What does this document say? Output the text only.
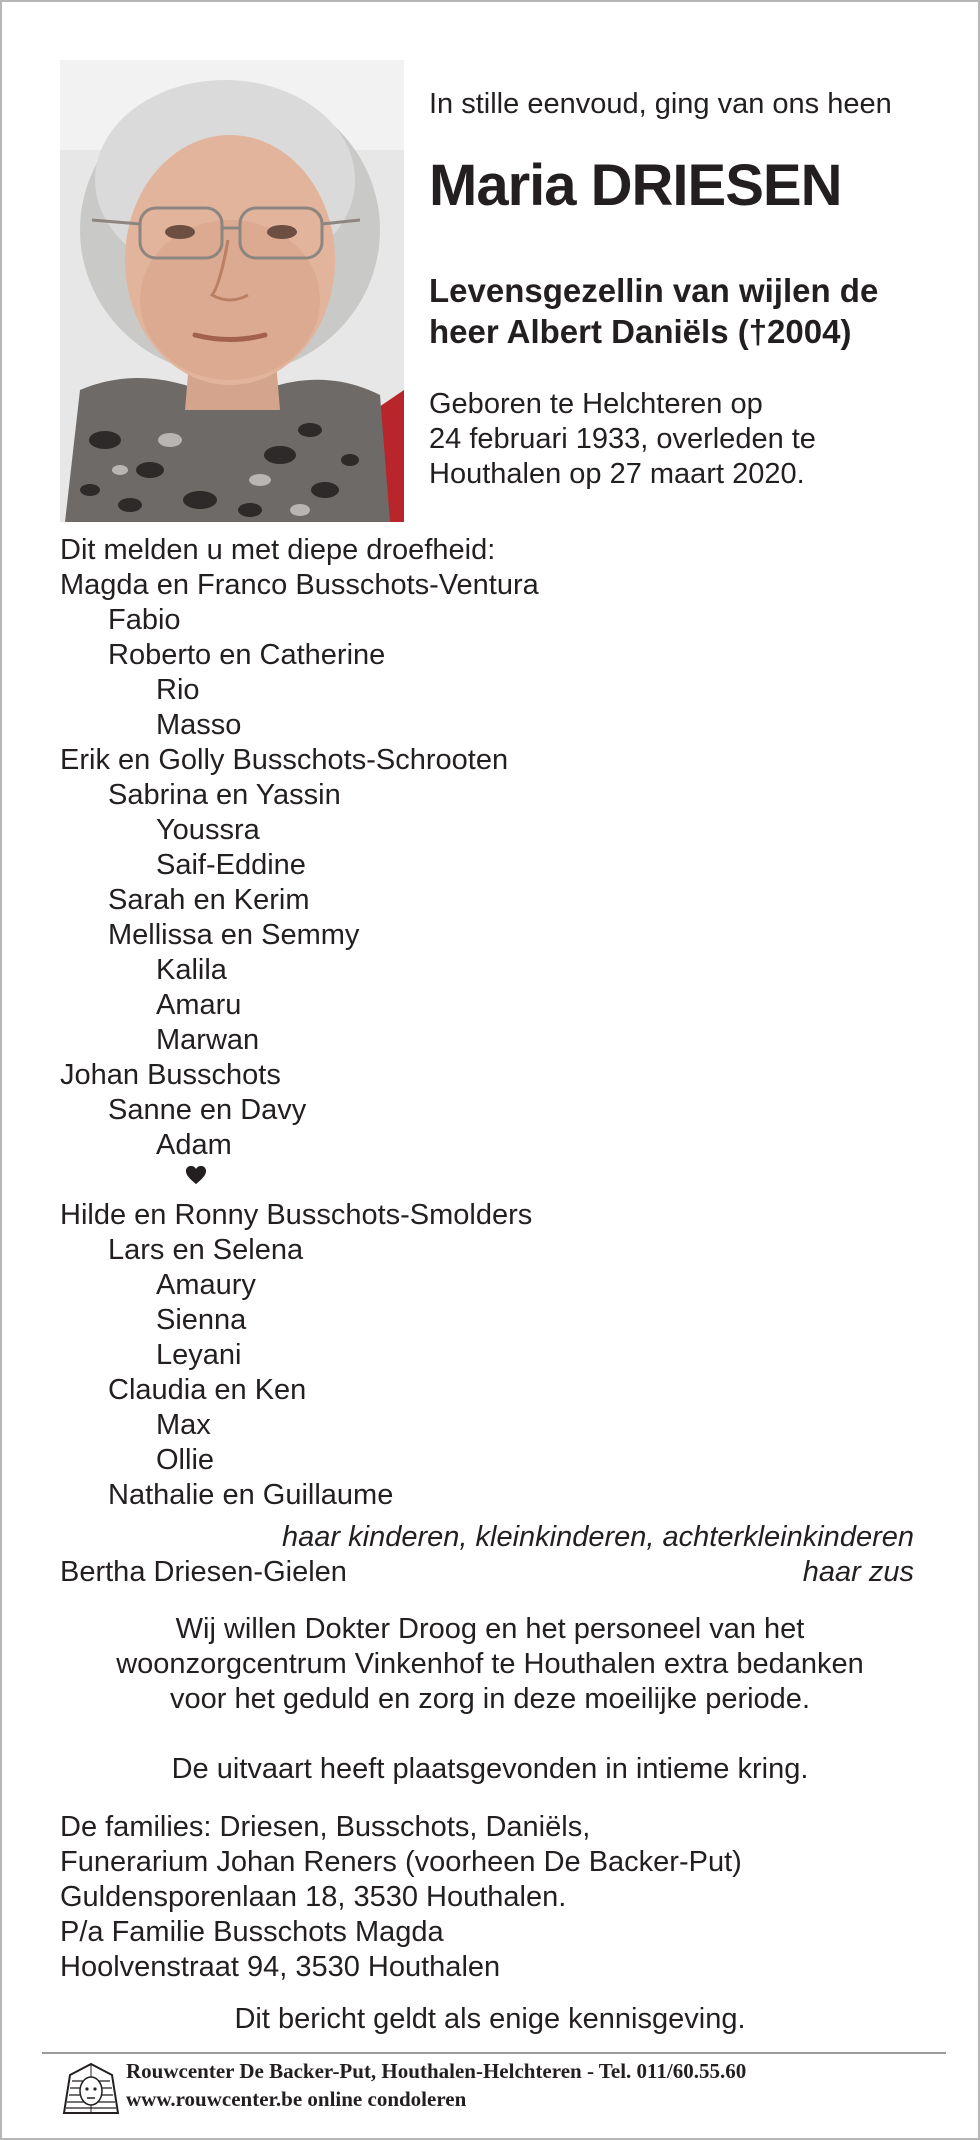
In stille eenvoud, ging van ons heen
Maria DRIESEN
Levensgezellin van wijlen de
heer Albert Daniëls (†2004)
Geboren te Helchteren op
24 februari 1933, overleden te
Houthalen op 27 maart 2020.
Dit melden u met diepe droefheid:
Magda en Franco Busschots-Ventura
Fabio
Roberto en Catherine
Rio
Masso
Erik en Golly Busschots-Schrooten
Sabrina en Yassin
Youssra
Saif-Eddine
Sarah en Kerim
Mellissa en Semmy
Kalila
Amaru
Marwan
Johan Busschots
Sanne en Davy
Adam
Hilde en Ronny Busschots-Smolders
Lars en Selena
Amaury
Sienna
Leyani
Claudia en Ken
Max
Ollie
Nathalie en Guillaume
haar kinderen, kleinkinderen, achterkleinkinderen
Bertha Driesen-Gielen	haar zus
Wij willen Dokter Droog en het personeel van het
woonzorgcentrum Vinkenhof te Houthalen extra bedanken
voor het geduld en zorg in deze moeilijke periode.
De uitvaart heeft plaatsgevonden in intieme kring.
De families: Driesen, Busschots, Daniëls,
Funerarium Johan Reners (voorheen De Backer-Put)
Guldensporenlaan 18, 3530 Houthalen.
P/a Familie Busschots Magda
Hoolvenstraat 94, 3530 Houthalen
Dit bericht geldt als enige kennisgeving.
Rouwcenter De Backer-Put, Houthalen-Helchteren - Tel. 011/60.55.60
www.rouwcenter.be online condoleren
